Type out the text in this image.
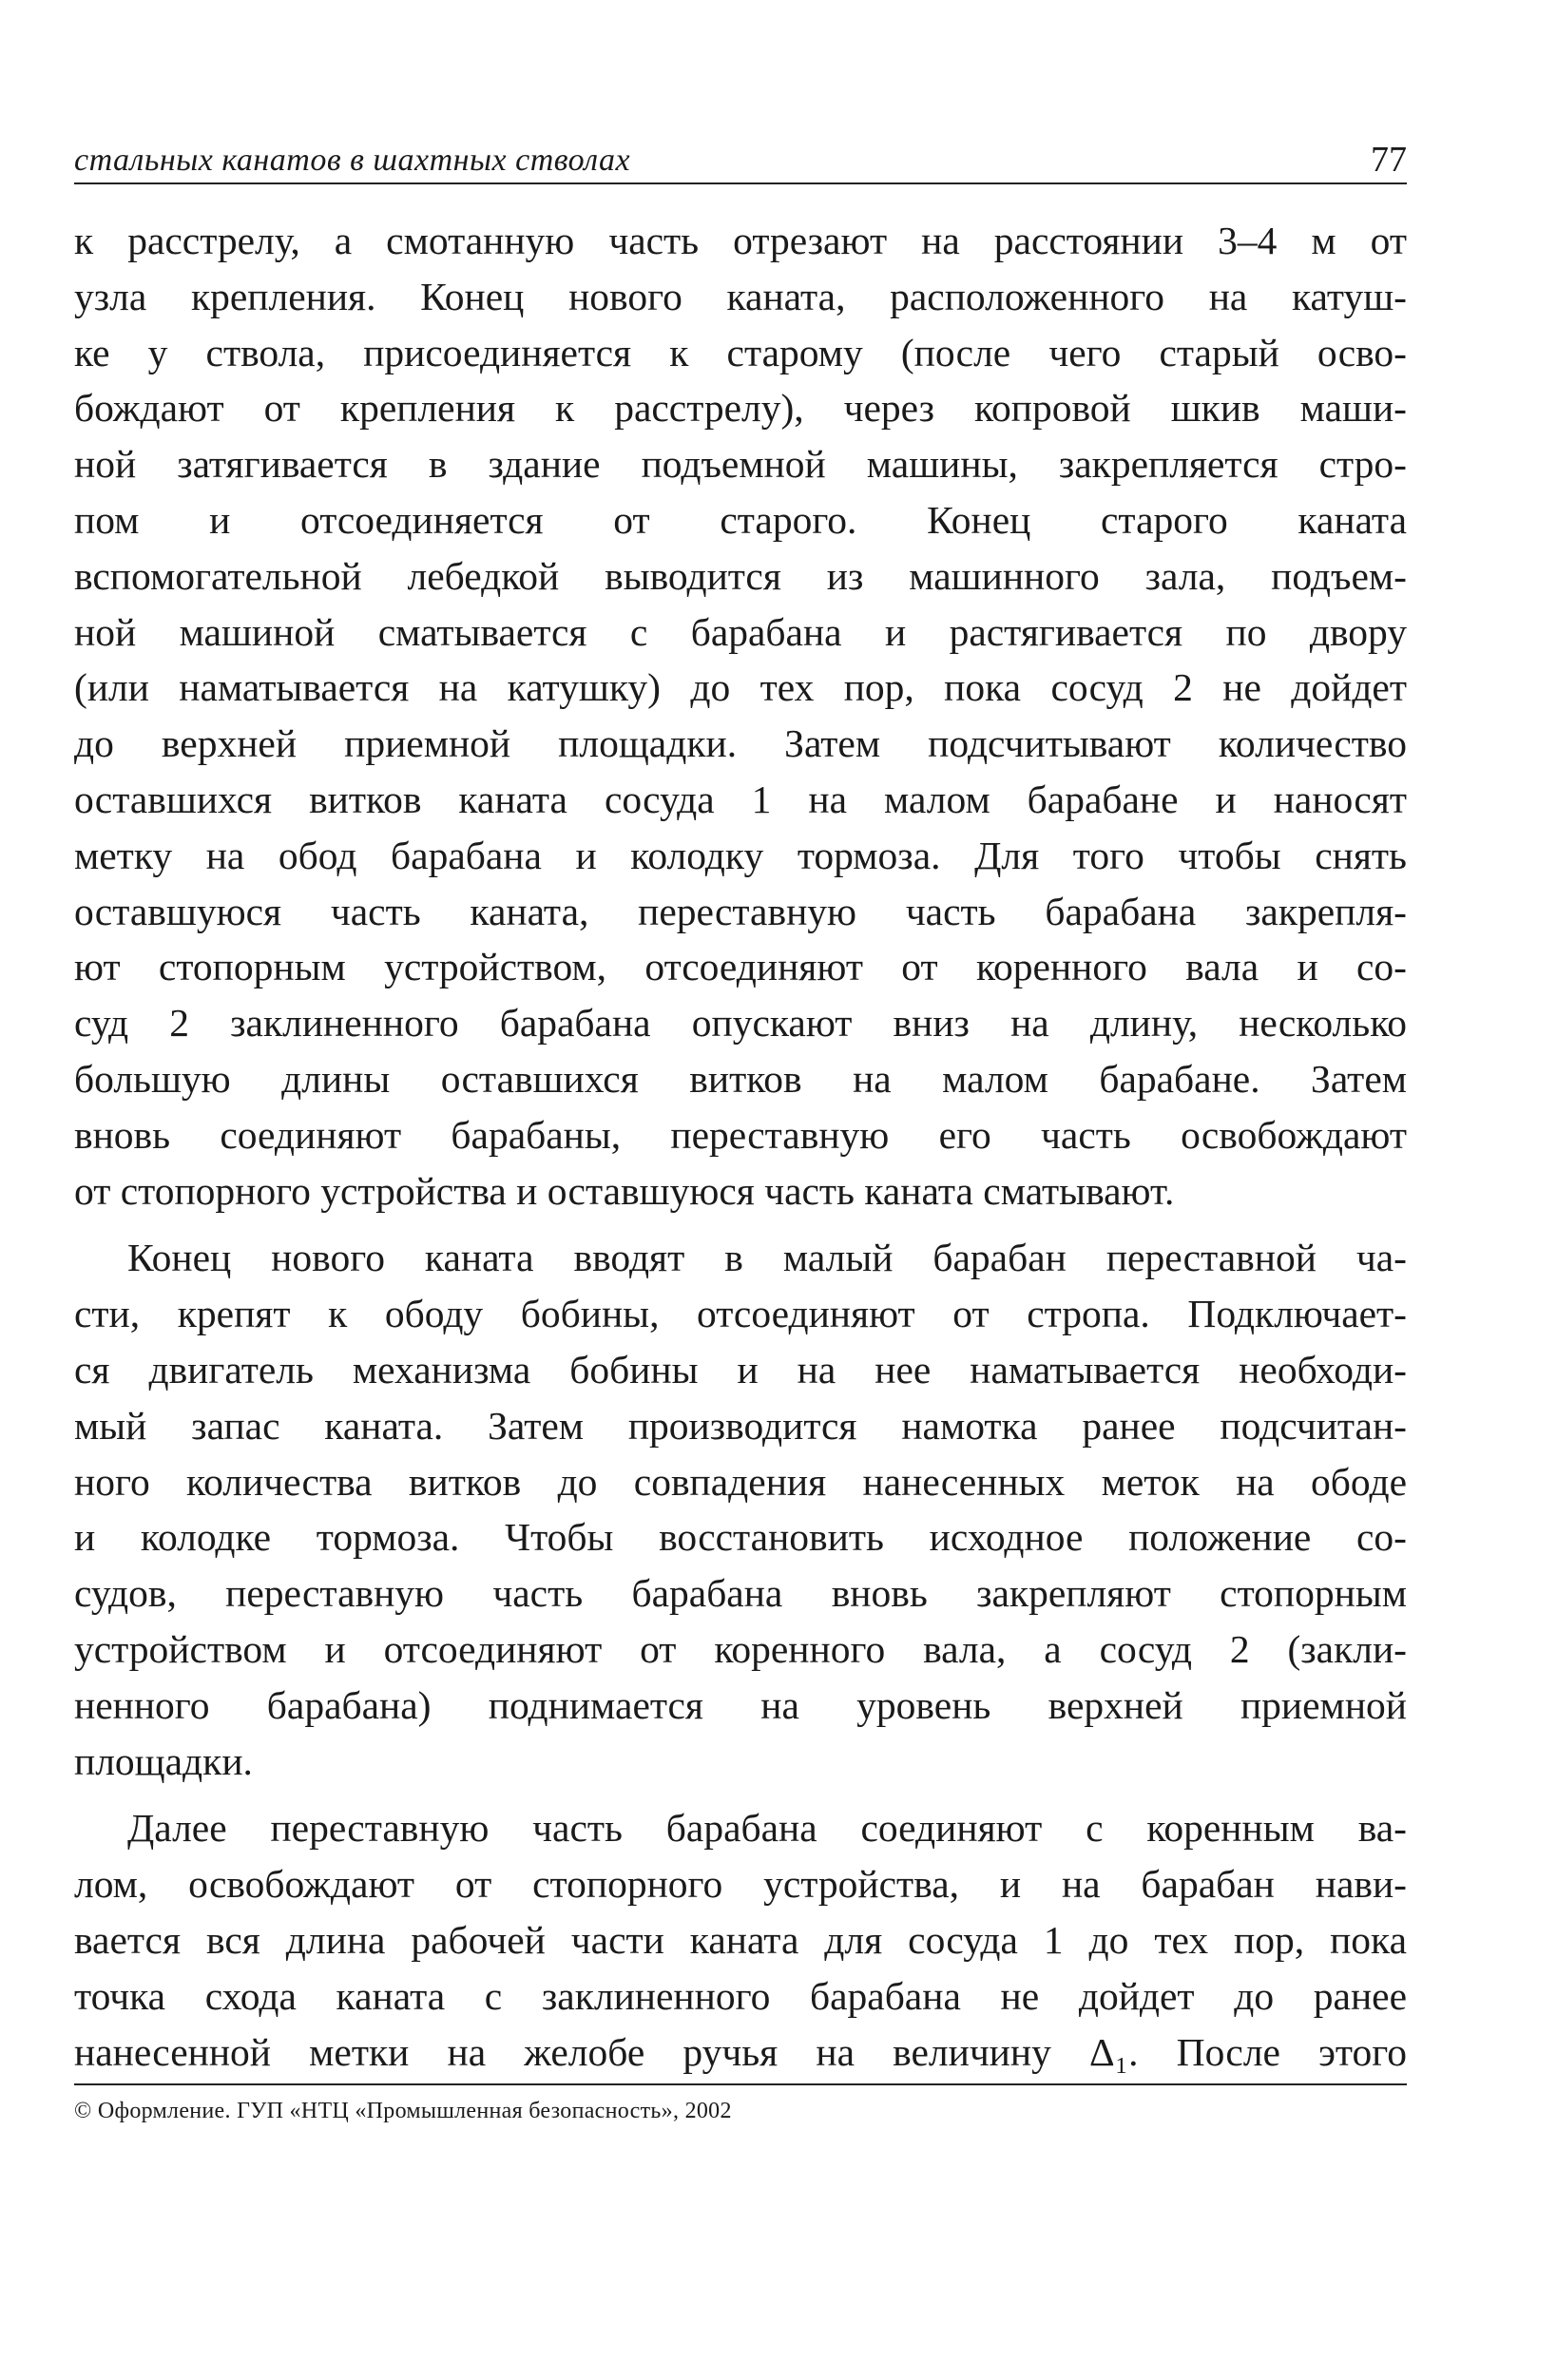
стальных канатов в шахтных стволах	77
к расстрелу, а смотанную часть отрезают на расстоянии 3–4 м от
узла крепления. Конец нового каната, расположенного на катуш-
ке у ствола, присоединяется к старому (после чего старый осво-
бождают от крепления к расстрелу), через копровой шкив маши-
ной затягивается в здание подъемной машины, закрепляется стро-
пом и отсоединяется от старого. Конец старого каната
вспомогательной лебедкой выводится из машинного зала, подъем-
ной машиной сматывается с барабана и растягивается по двору
(или наматывается на катушку) до тех пор, пока сосуд 2 не дойдет
до верхней приемной площадки. Затем подсчитывают количество
оставшихся витков каната сосуда 1 на малом барабане и наносят
метку на обод барабана и колодку тормоза. Для того чтобы снять
оставшуюся часть каната, переставную часть барабана закрепля-
ют стопорным устройством, отсоединяют от коренного вала и со-
суд 2 заклиненного барабана опускают вниз на длину, несколько
большую длины оставшихся витков на малом барабане. Затем
вновь соединяют барабаны, переставную его часть освобождают
от стопорного устройства и оставшуюся часть каната сматывают.
Конец нового каната вводят в малый барабан переставной ча-
сти, крепят к ободу бобины, отсоединяют от стропа. Подключает-
ся двигатель механизма бобины и на нее наматывается необходи-
мый запас каната. Затем производится намотка ранее подсчитан-
ного количества витков до совпадения нанесенных меток на ободе
и колодке тормоза. Чтобы восстановить исходное положение со-
судов, переставную часть барабана вновь закрепляют стопорным
устройством и отсоединяют от коренного вала, а сосуд 2 (закли-
ненного барабана) поднимается на уровень верхней приемной
площадки.
Далее переставную часть барабана соединяют с коренным ва-
лом, освобождают от стопорного устройства, и на барабан нави-
вается вся длина рабочей части каната для сосуда 1 до тех пор, пока
точка схода каната с заклиненного барабана не дойдет до ранее
нанесенной метки на желобе ручья на величину Δ₁. После этого
© Оформление. ГУП «НТЦ «Промышленная безопасность», 2002
